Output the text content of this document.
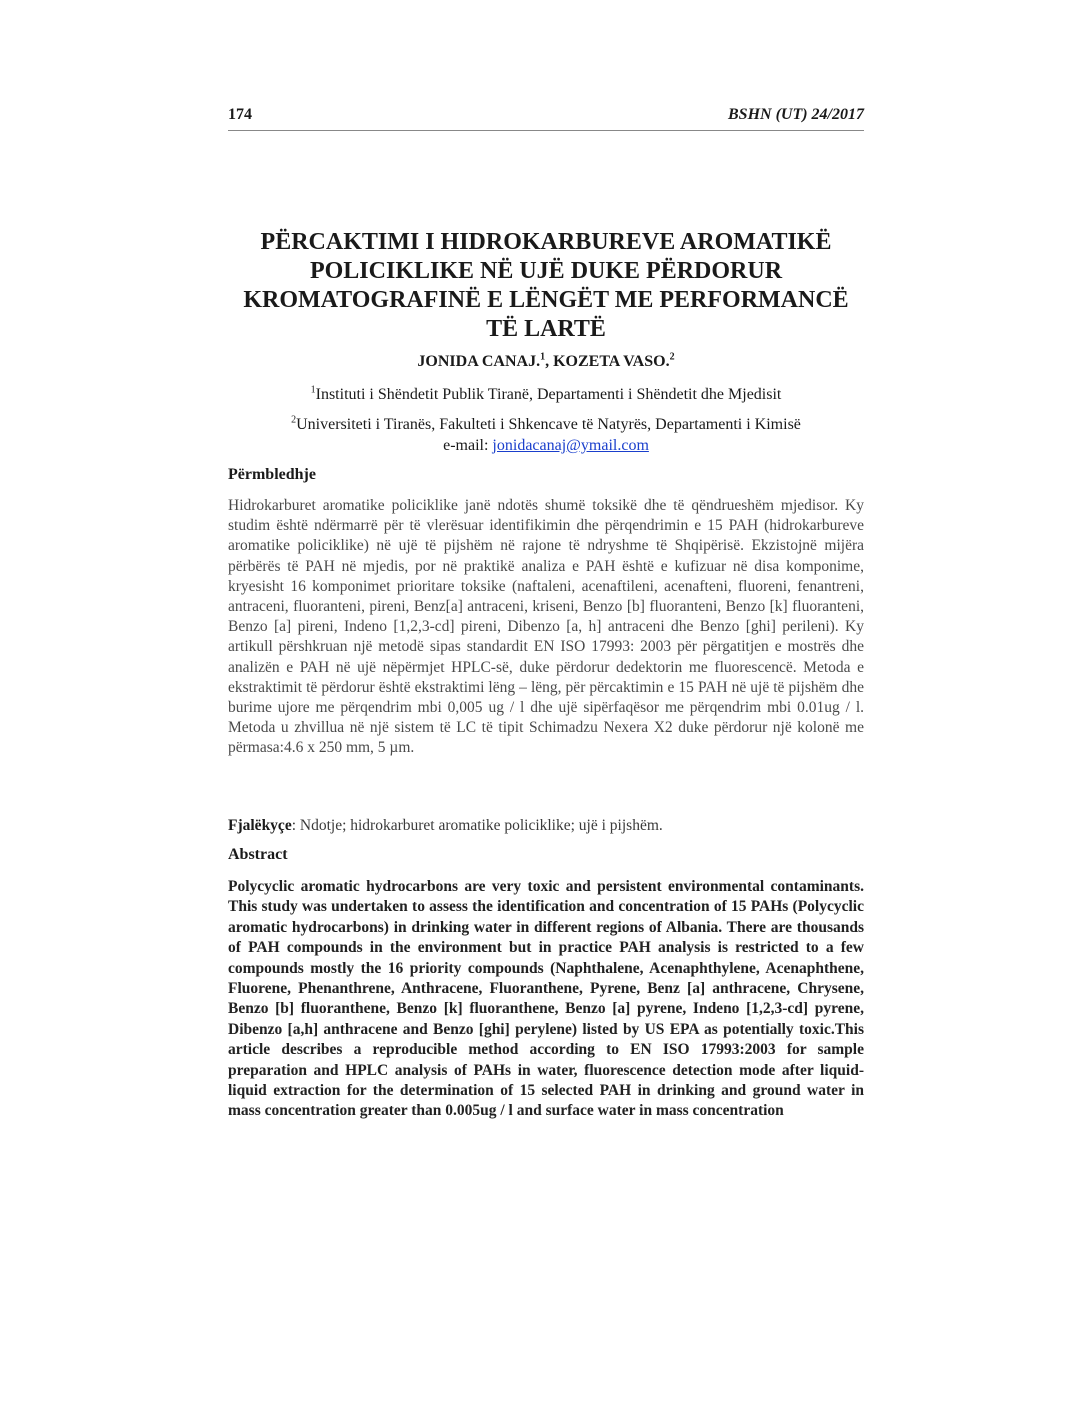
174	BSHN (UT) 24/2017
PËRCAKTIMI I HIDROKARBUREVE AROMATIKË
POLICIKLIKE NË UJË DUKE PËRDORUR
KROMATOGRAFINË E LËNGËT ME PERFORMANCË
TË LARTË
JONIDA CANAJ.$^1$, KOZETA VASO.$^2$
$^1$Instituti i Shëndetit Publik Tiranë, Departamenti i Shëndetit dhe Mjedisit
$^2$Universiteti i Tiranës, Fakulteti i Shkencave të Natyrës, Departamenti i Kimisë
e-mail: jonidacanaj@ymail.com
Përmbledhje

Hidrokarburet aromatike policiklike janë ndotës shumë toksikë dhe të qëndrueshëm mjedisor. Ky studim është ndërmarrë për të vlerësuar identifikimin dhe përqendrimin e 15 PAH (hidrokarbureve aromatike policiklike) në ujë të pijshëm në rajone të ndryshme të Shqipërisë. Ekzistojnë mijëra përbërës të PAH në mjedis, por në praktikë analiza e PAH është e kufizuar në disa komponime, kryesisht 16 komponimet prioritare toksike (naftaleni, acenaftileni, acenafteni, fluoreni, fenantreni, antraceni, fluoranteni, pireni, Benz[a] antraceni, kriseni, Benzo [b] fluoranteni, Benzo [k] fluoranteni, Benzo [a] pireni, Indeno [1,2,3-cd] pireni, Dibenzo [a, h] antraceni dhe Benzo [ghi] perileni). Ky artikull përshkruan një metodë sipas standardit EN ISO 17993: 2003 për përgatitjen e mostrës dhe analizën e PAH në ujë nëpërmjet HPLC-së, duke përdorur dedektorin me fluorescencë. Metoda e ekstraktimit të përdorur është ekstraktimi lëng – lëng, për përcaktimin e 15 PAH në ujë të pijshëm dhe burime ujore me përqendrim mbi 0,005 ug / l dhe ujë sipërfaqësor me përqendrim mbi 0.01ug / l. Metoda u zhvillua në një sistem të LC të tipit Schimadzu Nexera X2 duke përdorur një kolonë me përmasa:4.6 x 250 mm, 5 µm.

Fjalëkyçe: Ndotje; hidrokarburet aromatike policiklike; ujë i pijshëm.

Abstract

Polycyclic aromatic hydrocarbons are very toxic and persistent environmental contaminants. This study was undertaken to assess the identification and concentration of 15 PAHs (Polycyclic aromatic hydrocarbons) in drinking water in different regions of Albania. There are thousands of PAH compounds in the environment but in practice PAH analysis is restricted to a few compounds mostly the 16 priority compounds (Naphthalene, Acenaphthylene, Acenaphthene, Fluorene, Phenanthrene, Anthracene, Fluoranthene, Pyrene, Benz [a] anthracene, Chrysene, Benzo [b] fluoranthene, Benzo [k] fluoranthene, Benzo [a] pyrene, Indeno [1,2,3-cd] pyrene, Dibenzo [a,h] anthracene and Benzo [ghi] perylene) listed by US EPA as potentially toxic.This article describes a reproducible method according to EN ISO 17993:2003 for sample preparation and HPLC analysis of PAHs in water, fluorescence detection mode after liquid-liquid extraction for the determination of 15 selected PAH in drinking and ground water in mass concentration greater than 0.005ug / l and surface water in mass concentration
